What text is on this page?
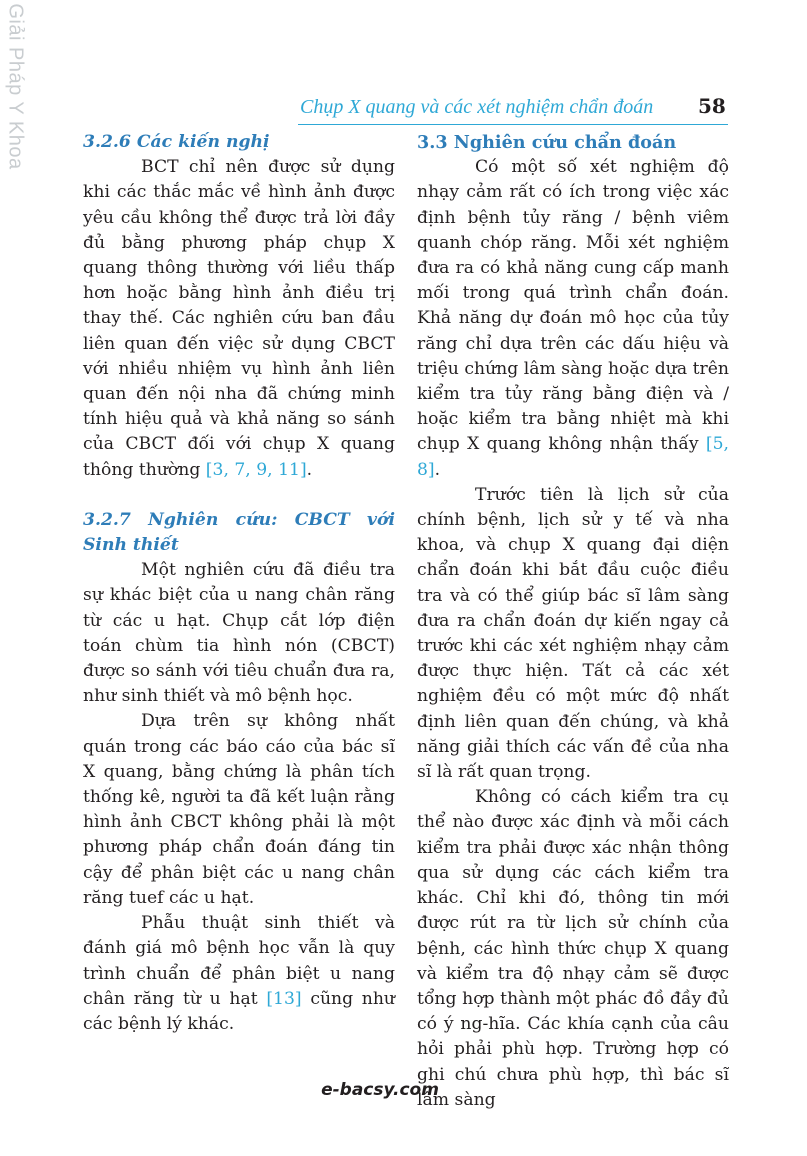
Giải Pháp Y Khoa	Chụp X quang và các xét nghiệm chẩn đoán 58
3.2.6 Các kiến nghị

BCT chỉ nên được sử dụng khi các thắc mắc về hình ảnh được yêu cầu không thể được trả lời đầy đủ bằng phương pháp chụp X quang thông thường với liều thấp hơn hoặc bằng hình ảnh điều trị thay thế. Các nghiên cứu ban đầu liên quan đến việc sử dụng CBCT với nhiều nhiệm vụ hình ảnh liên quan đến nội nha đã chứng minh tính hiệu quả và khả năng so sánh của CBCT đối với chụp X quang thông thường [3, 7, 9, 11].

3.2.7 Nghiên cứu: CBCT với Sinh thiết

Một nghiên cứu đã điều tra sự khác biệt của u nang chân răng từ các u hạt. Chụp cắt lớp điện toán chùm tia hình nón (CBCT) được so sánh với tiêu chuẩn đưa ra, như sinh thiết và mô bệnh học.

Dựa trên sự không nhất quán trong các báo cáo của bác sĩ X quang, bằng chứng là phân tích thống kê, người ta đã kết luận rằng hình ảnh CBCT không phải là một phương pháp chẩn đoán đáng tin cậy để phân biệt các u nang chân răng tuef các u hạt.

Phẫu thuật sinh thiết và đánh giá mô bệnh học vẫn là quy trình chuẩn để phân biệt u nang chân răng từ u hạt [13] cũng như các bệnh lý khác.

3.3 Nghiên cứu chẩn đoán

Có một số xét nghiệm độ nhạy cảm rất có ích trong việc xác định bệnh tủy răng / bệnh viêm quanh chóp răng. Mỗi xét nghiệm đưa ra có khả năng cung cấp manh mối trong quá trình chẩn đoán. Khả năng dự đoán mô học của tủy răng chỉ dựa trên các dấu hiệu và triệu chứng lâm sàng hoặc dựa trên kiểm tra tủy răng bằng điện và / hoặc kiểm tra bằng nhiệt mà khi chụp X quang không nhận thấy [5, 8].

Trước tiên là lịch sử của chính bệnh, lịch sử y tế và nha khoa, và chụp X quang đại diện chẩn đoán khi bắt đầu cuộc điều tra và có thể giúp bác sĩ lâm sàng đưa ra chẩn đoán dự kiến ngay cả trước khi các xét nghiệm nhạy cảm được thực hiện. Tất cả các xét nghiệm đều có một mức độ nhất định liên quan đến chúng, và khả năng giải thích các vấn đề của nha sĩ là rất quan trọng.

Không có cách kiểm tra cụ thể nào được xác định và mỗi cách kiểm tra phải được xác nhận thông qua sử dụng các cách kiểm tra khác. Chỉ khi đó, thông tin mới được rút ra từ lịch sử chính của bệnh, các hình thức chụp X quang và kiểm tra độ nhạy cảm sẽ được tổng hợp thành một phác đồ đầy đủ có ý ng-hĩa. Các khía cạnh của câu hỏi phải phù hợp. Trường hợp có ghi chú chưa phù hợp, thì bác sĩ lâm sàng

e-bacsy.com
